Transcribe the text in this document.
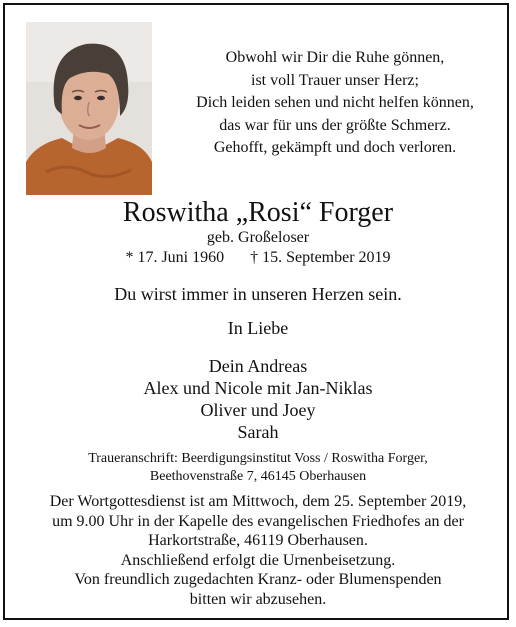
Obwohl wir Dir die Ruhe gönnen,
ist voll Trauer unser Herz;
Dich leiden sehen und nicht helfen können,
das war für uns der größte Schmerz.
Gehofft, gekämpft und doch verloren.
Roswitha „Rosi“ Forger
geb. Großeloser
* 17. Juni 1960 † 15. September 2019
Du wirst immer in unseren Herzen sein.
In Liebe
Dein Andreas
Alex und Nicole mit Jan-Niklas
Oliver und Joey
Sarah
Traueranschrift: Beerdigungsinstitut Voss / Roswitha Forger,
Beethovenstraße 7, 46145 Oberhausen
Der Wortgottesdienst ist am Mittwoch, dem 25. September 2019,
um 9.00 Uhr in der Kapelle des evangelischen Friedhofes an der
Harkortstraße, 46119 Oberhausen.
Anschließend erfolgt die Urnenbeisetzung.
Von freundlich zugedachten Kranz- oder Blumenspenden
bitten wir abzusehen.
